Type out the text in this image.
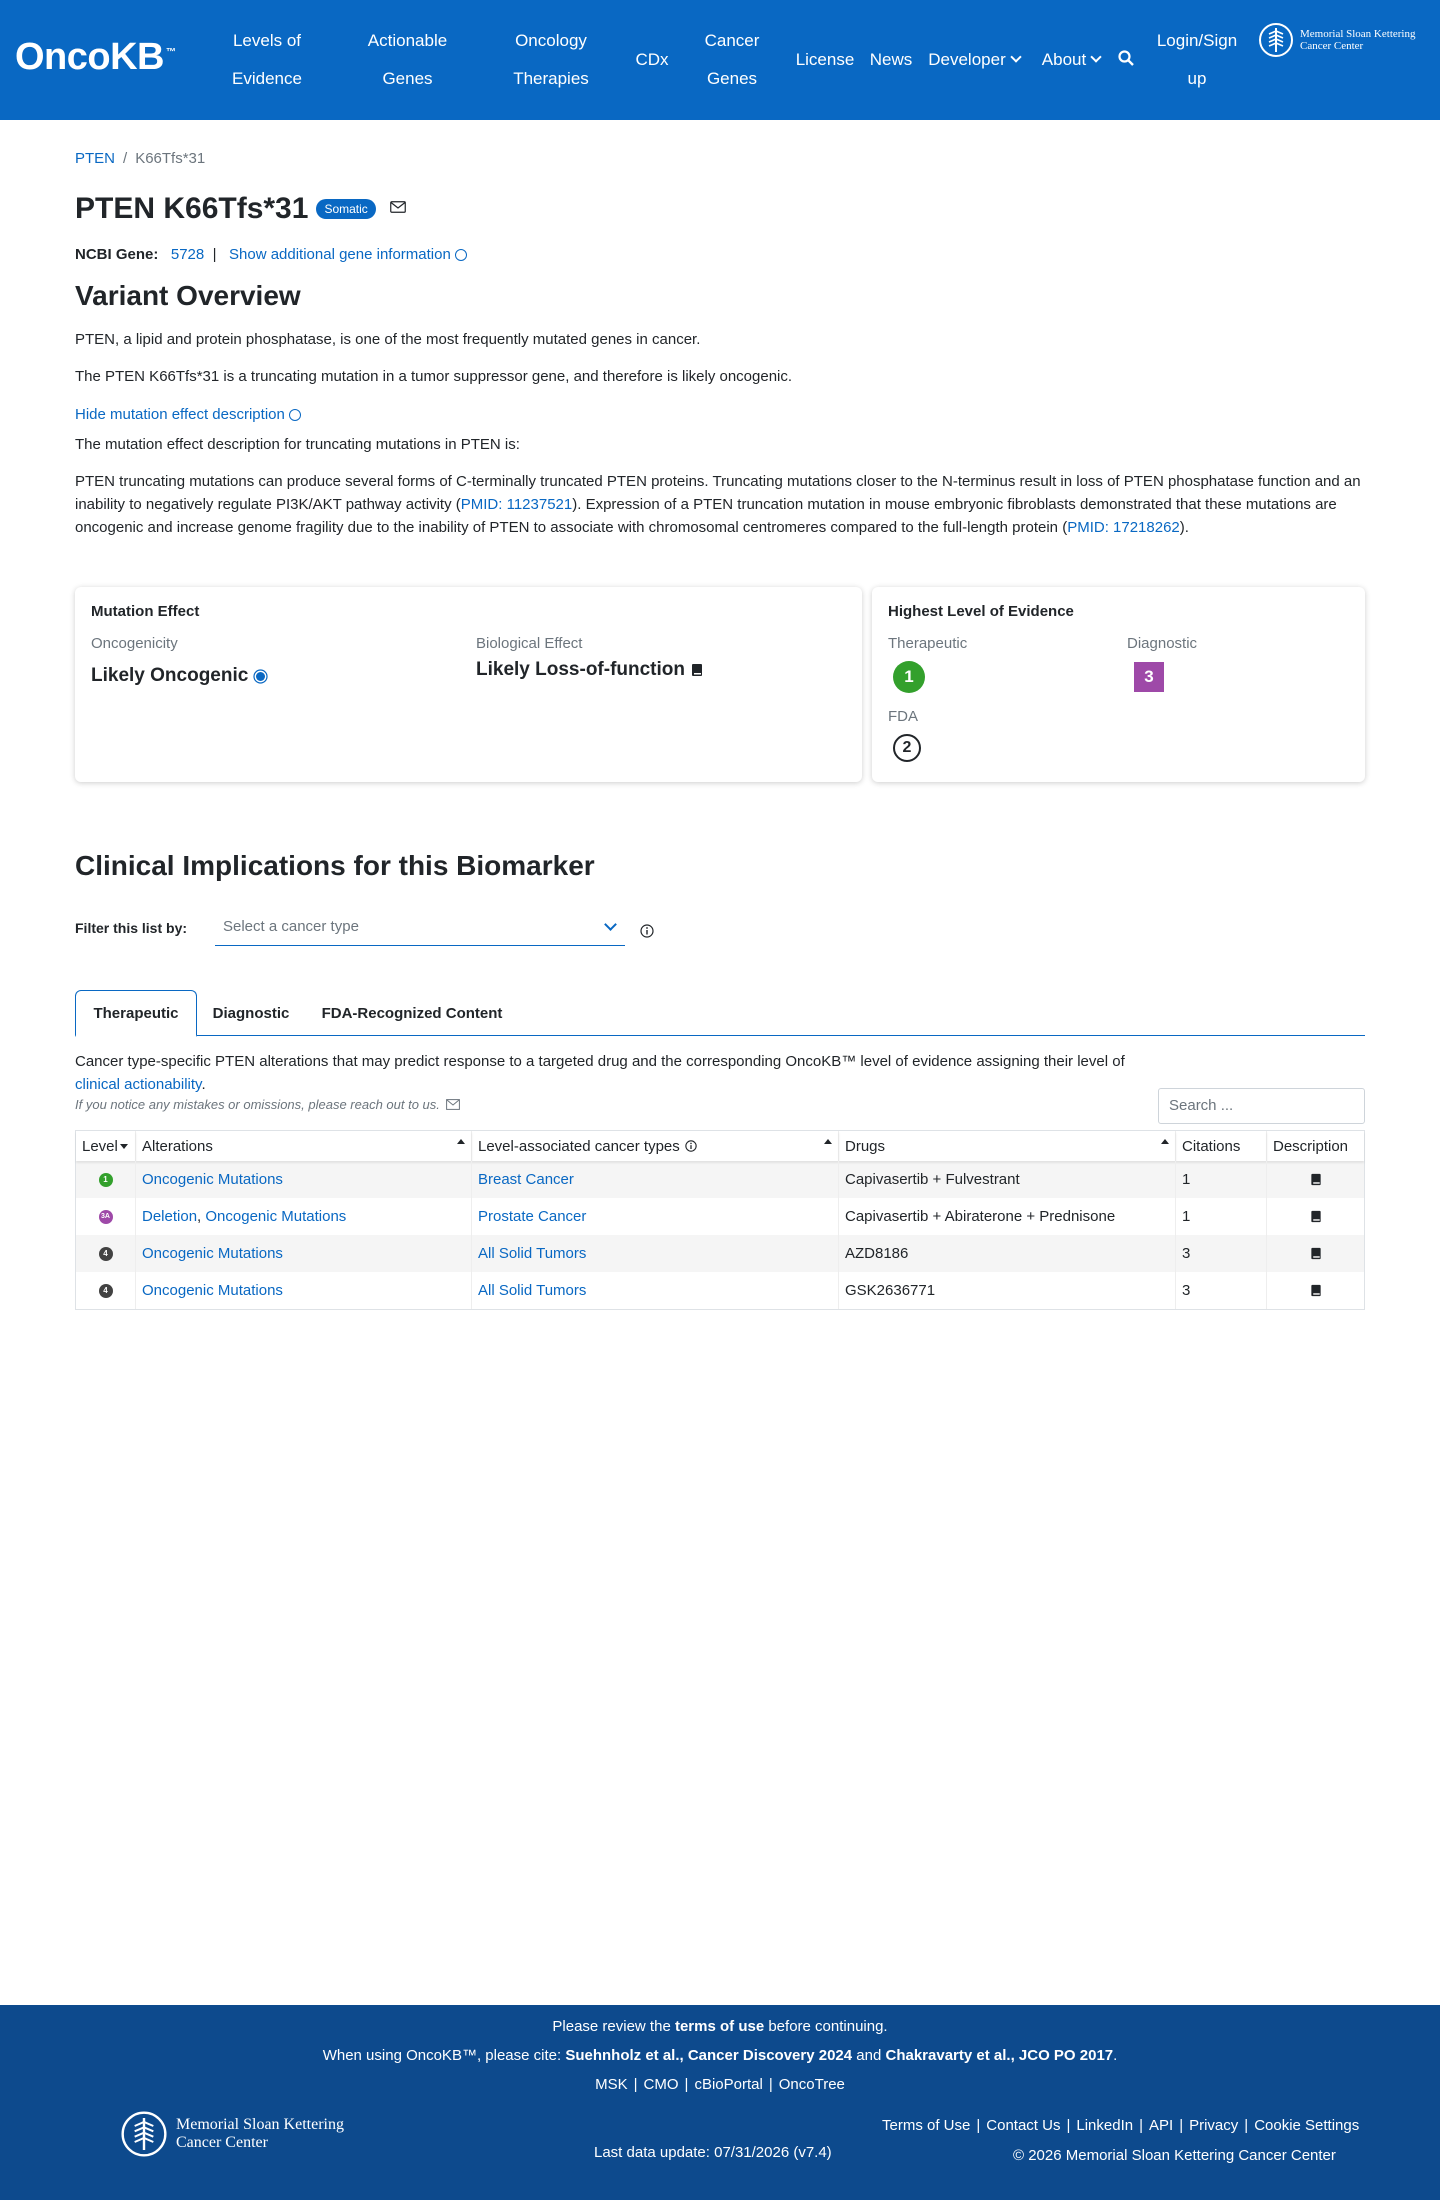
OncoKB ™
Levels of Evidence
Actionable Genes
Oncology Therapies
CDx
Cancer Genes
License News Developer About
Login/Sign up
Memorial Sloan Kettering
Cancer Center
PTEN / K66Tfs*31
PTEN K66Tfs*31	Somatic
NCBI Gene: 5728 | Show additional gene information
Variant Overview
PTEN, a lipid and protein phosphatase, is one of the most frequently mutated genes in cancer.
The PTEN K66Tfs*31 is a truncating mutation in a tumor suppressor gene, and therefore is likely oncogenic.
Hide mutation effect description
The mutation effect description for truncating mutations in PTEN is:
PTEN truncating mutations can produce several forms of C-terminally truncated PTEN proteins. Truncating mutations closer to the N-terminus result in loss of PTEN phosphatase function and an inability to negatively regulate PI3K/AKT pathway activity (PMID: 11237521). Expression of a PTEN truncation mutation in mouse embryonic fibroblasts demonstrated that these mutations are oncogenic and increase genome fragility due to the inability of PTEN to associate with chromosomal centromeres compared to the full-length protein (PMID: 17218262).
Mutation Effect
Oncogenicity
Likely Oncogenic
Biological Effect
Likely Loss-of-function
Highest Level of Evidence
Therapeutic
1
Diagnostic
3
FDA
2
Clinical Implications for this Biomarker
Filter this list by:	Select a cancer type
Therapeutic	Diagnostic	FDA-Recognized Content
Cancer type-specific PTEN alterations that may predict response to a targeted drug and the corresponding OncoKB™ level of evidence assigning their level of clinical actionability.
If you notice any mistakes or omissions, please reach out to us.	Search ...
Level Alterations	Level-associated cancer types	Drugs	Citations Description
1	Oncogenic Mutations	Breast Cancer	Capivasertib + Fulvestrant	1
3A Deletion , Oncogenic Mutations	Prostate Cancer	Capivasertib + Abiraterone + Prednisone	1
4	Oncogenic Mutations	All Solid Tumors	AZD8186	3
4	Oncogenic Mutations	All Solid Tumors	GSK2636771	3
Please review the terms of use before continuing.
When using OncoKB™, please cite: Suehnholz et al., Cancer Discovery 2024 and Chakravarty et al., JCO PO 2017.
MSK | CMO | cBioPortal | OncoTree
Memorial Sloan Kettering
Cancer Center
Last data update: 07/31/2026 (v7.4)
Terms of Use | Contact Us | LinkedIn | API | Privacy | Cookie Settings
© 2026 Memorial Sloan Kettering Cancer Center
